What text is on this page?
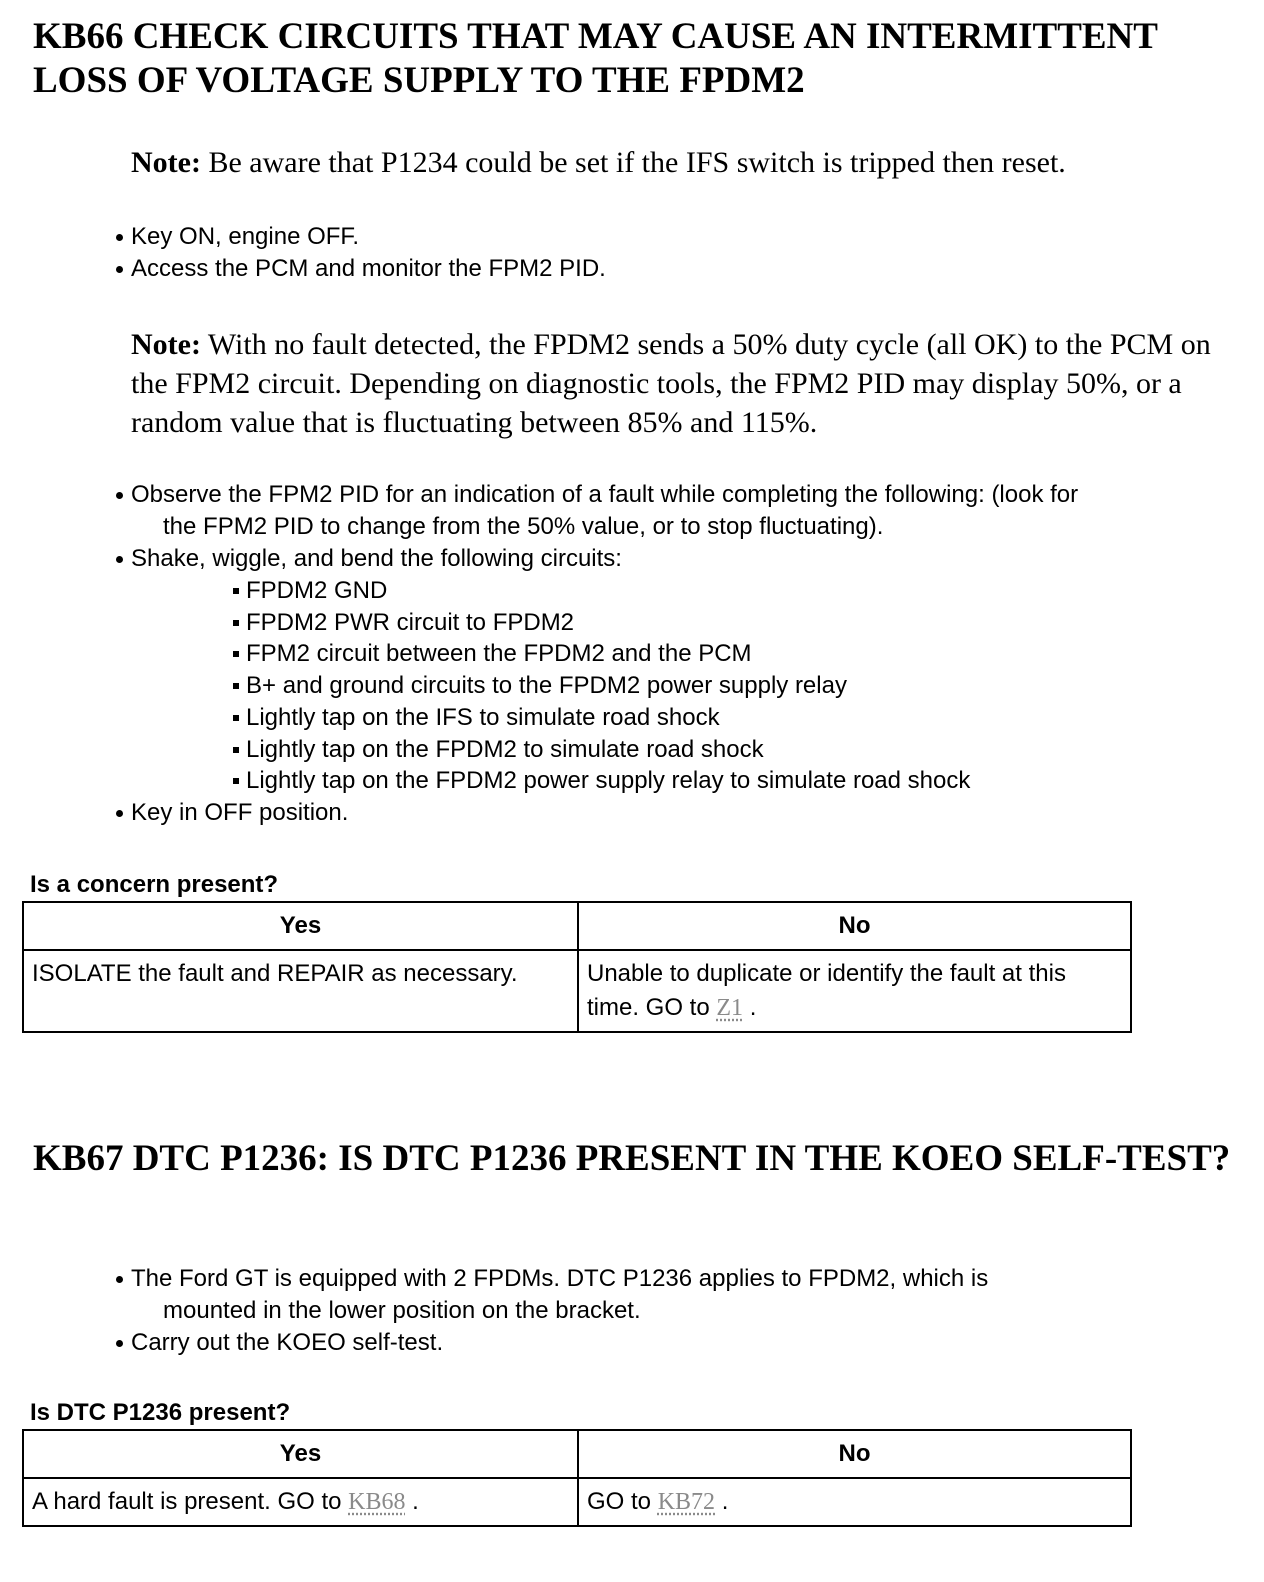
KB66 CHECK CIRCUITS THAT MAY CAUSE AN INTERMITTENT LOSS OF VOLTAGE SUPPLY TO THE FPDM2

Note: Be aware that P1234 could be set if the IFS switch is tripped then reset.

Key ON, engine OFF.
Access the PCM and monitor the FPM2 PID.

Note: With no fault detected, the FPDM2 sends a 50% duty cycle (all OK) to the PCM on the FPM2 circuit. Depending on diagnostic tools, the FPM2 PID may display 50%, or a random value that is fluctuating between 85% and 115%.

Observe the FPM2 PID for an indication of a fault while completing the following: (look for
the FPM2 PID to change from the 50% value, or to stop fluctuating).
Shake, wiggle, and bend the following circuits:
FPDM2 GND
FPDM2 PWR circuit to FPDM2
FPM2 circuit between the FPDM2 and the PCM
B+ and ground circuits to the FPDM2 power supply relay
Lightly tap on the IFS to simulate road shock
Lightly tap on the FPDM2 to simulate road shock
Lightly tap on the FPDM2 power supply relay to simulate road shock
Key in OFF position.

Is a concern present?

Yes	No
ISOLATE the fault and REPAIR as necessary.	Unable to duplicate or identify the fault at this time. GO to Z1 .
KB67 DTC P1236: IS DTC P1236 PRESENT IN THE KOEO SELF-TEST?
The Ford GT is equipped with 2 FPDMs. DTC P1236 applies to FPDM2, which is
mounted in the lower position on the bracket.
Carry out the KOEO self-test.

Is DTC P1236 present?

Yes	No
A hard fault is present. GO to KB68 .	GO to KB72 .
